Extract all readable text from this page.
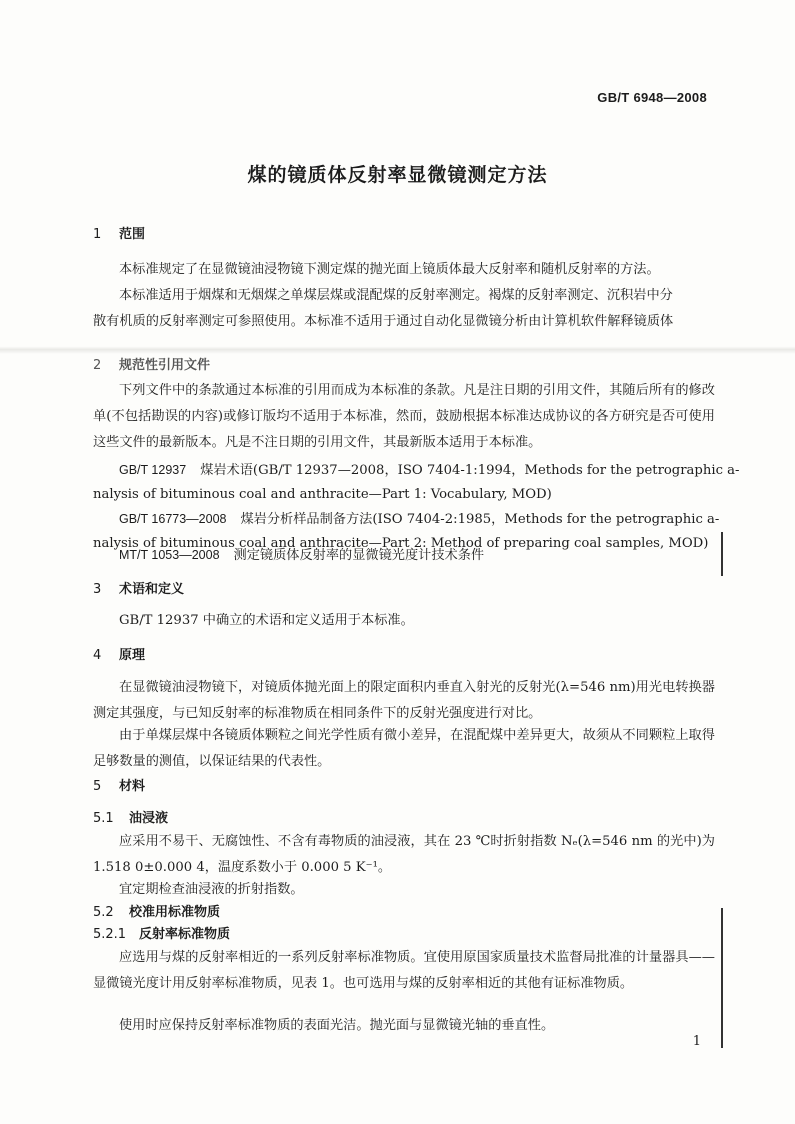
GB/T 6948—2008
煤的镜质体反射率显微镜测定方法
1 范围
本标准规定了在显微镜油浸物镜下测定煤的抛光面上镜质体最大反射率和随机反射率的方法。
本标准适用于烟煤和无烟煤之单煤层煤或混配煤的反射率测定。褐煤的反射率测定、沉积岩中分
散有机质的反射率测定可参照使用。本标准不适用于通过自动化显微镜分析由计算机软件解释镜质体
2 规范性引用文件
下列文件中的条款通过本标准的引用而成为本标准的条款。凡是注日期的引用文件，其随后所有的修改单(不包括勘误的内容)或修订版均不适用于本标准，然而，鼓励根据本标准达成协议的各方研究是否可使用这些文件的最新版本。凡是不注日期的引用文件，其最新版本适用于本标准。
GB/T 12937 煤岩术语(GB/T 12937—2008，ISO 7404-1:1994，Methods for the petrographic a-
nalysis of bituminous coal and anthracite—Part 1: Vocabulary, MOD)
GB/T 16773—2008 煤岩分析样品制备方法(ISO 7404-2:1985，Methods for the petrographic a-
nalysis of bituminous coal and anthracite—Part 2: Method of preparing coal samples, MOD)
MT/T 1053—2008 测定镜质体反射率的显微镜光度计技术条件
3 术语和定义
GB/T 12937 中确立的术语和定义适用于本标准。
4 原理
在显微镜油浸物镜下，对镜质体抛光面上的限定面积内垂直入射光的反射光(λ=546 nm)用光电转换器测定其强度，与已知反射率的标准物质在相同条件下的反射光强度进行对比。
由于单煤层煤中各镜质体颗粒之间光学性质有微小差异，在混配煤中差异更大，故须从不同颗粒上取得足够数量的测值，以保证结果的代表性。
5 材料
5.1 油浸液
应采用不易干、无腐蚀性、不含有毒物质的油浸液，其在 23 ℃时折射指数 Nₑ(λ=546 nm 的光中)为 1.518 0±0.000 4，温度系数小于 0.000 5 K⁻¹。
宜定期检查油浸液的折射指数。
5.2 校准用标准物质
5.2.1 反射率标准物质
应选用与煤的反射率相近的一系列反射率标准物质。宜使用原国家质量技术监督局批准的计量器具——显微镜光度计用反射率标准物质，见表 1。也可选用与煤的反射率相近的其他有证标准物质。
使用时应保持反射率标准物质的表面光洁。抛光面与显微镜光轴的垂直性。
1
